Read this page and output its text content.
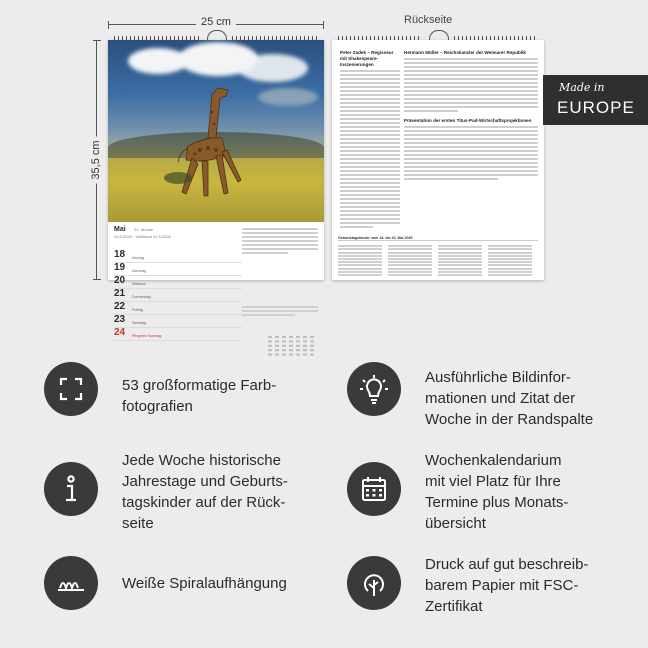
25 cm
35,5 cm
Rückseite
Mai 21. Woche
20.5.2026 · Vollmond 31.5.2026
18 Montag
19 Dienstag
20 Mittwoch
21 Donnerstag
22 Freitag
23 Samstag
24 Pfingsten Sonntag
Peter Zadek – Regisseur mit Shakespeare-Inszenierungen
Hermann Müller – Reichskanzler der Weimarer Republik
Präsentation der ersten Titus-Pad-Wirtschaftsprojektionen
Geburtstagskinder vom 18. bis 24. Mai 2026
Made in
EUROPE
53 großformatige Farb-
fotografien
Ausführliche Bildinfor-
mationen und Zitat der
Woche in der Randspalte
Jede Woche historische
Jahrestage und Geburts-
tagskinder auf der Rück-
seite
Wochenkalendarium
mit viel Platz für Ihre
Termine plus Monats-
übersicht
Weiße Spiralaufhängung
Druck auf gut beschreib-
barem Papier mit FSC-
Zertifikat
